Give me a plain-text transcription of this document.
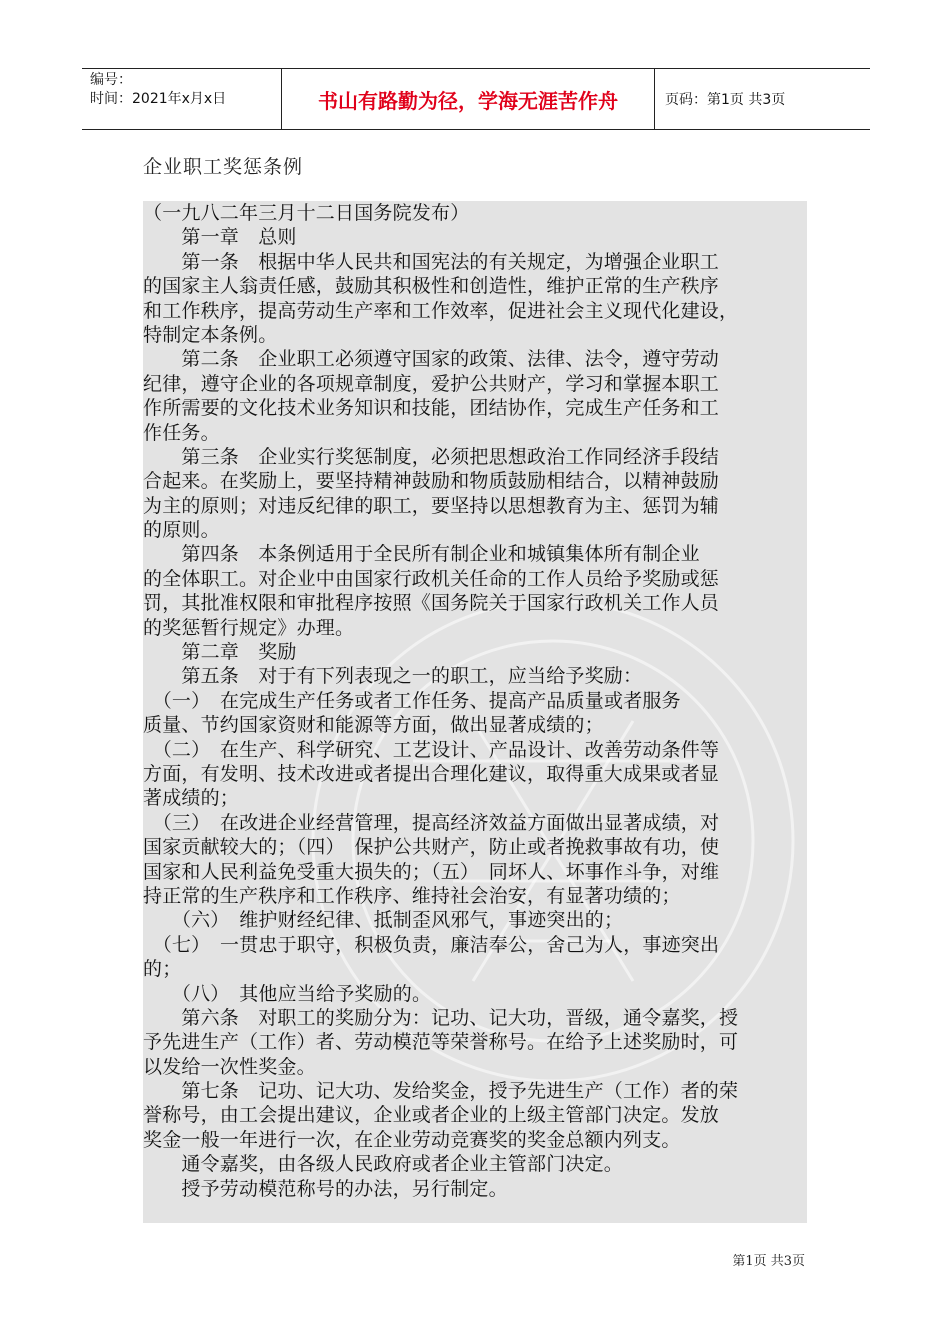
编号：
时间：2021年x月x日	书山有路勤为径，学海无涯苦作舟	页码：第1页 共3页
企业职工奖惩条例
（一九八二年三月十二日国务院发布）
　　第一章　总则
　　第一条　根据中华人民共和国宪法的有关规定，为增强企业职工
的国家主人翁责任感，鼓励其积极性和创造性，维护正常的生产秩序
和工作秩序，提高劳动生产率和工作效率，促进社会主义现代化建设，
特制定本条例。
　　第二条　企业职工必须遵守国家的政策、法律、法令，遵守劳动
纪律，遵守企业的各项规章制度，爱护公共财产，学习和掌握本职工
作所需要的文化技术业务知识和技能，团结协作，完成生产任务和工
作任务。
　　第三条　企业实行奖惩制度，必须把思想政治工作同经济手段结
合起来。在奖励上，要坚持精神鼓励和物质鼓励相结合，以精神鼓励
为主的原则；对违反纪律的职工，要坚持以思想教育为主、惩罚为辅
的原则。
　　第四条　本条例适用于全民所有制企业和城镇集体所有制企业
的全体职工。对企业中由国家行政机关任命的工作人员给予奖励或惩
罚，其批准权限和审批程序按照《国务院关于国家行政机关工作人员
的奖惩暂行规定》办理。
　　第二章　奖励
　　第五条　对于有下列表现之一的职工，应当给予奖励：
　（一）　在完成生产任务或者工作任务、提高产品质量或者服务
质量、节约国家资财和能源等方面，做出显著成绩的；
　（二）　在生产、科学研究、工艺设计、产品设计、改善劳动条件等
方面，有发明、技术改进或者提出合理化建议，取得重大成果或者显
著成绩的；
　（三）　在改进企业经营管理，提高经济效益方面做出显著成绩，对
国家贡献较大的；（四）　保护公共财产，防止或者挽救事故有功，使
国家和人民利益免受重大损失的；（五）　同坏人、坏事作斗争，对维
持正常的生产秩序和工作秩序、维持社会治安，有显著功绩的；
　　（六）　维护财经纪律、抵制歪风邪气，事迹突出的；
　（七）　一贯忠于职守，积极负责，廉洁奉公，舍己为人，事迹突出
的；
　　（八）　其他应当给予奖励的。
　　第六条　对职工的奖励分为：记功、记大功，晋级，通令嘉奖，授
予先进生产（工作）者、劳动模范等荣誉称号。在给予上述奖励时，可
以发给一次性奖金。
　　第七条　记功、记大功、发给奖金，授予先进生产（工作）者的荣
誉称号，由工会提出建议，企业或者企业的上级主管部门决定。发放
奖金一般一年进行一次，在企业劳动竞赛奖的奖金总额内列支。
　　通令嘉奖，由各级人民政府或者企业主管部门决定。
　　授予劳动模范称号的办法，另行制定。
第1页 共3页
